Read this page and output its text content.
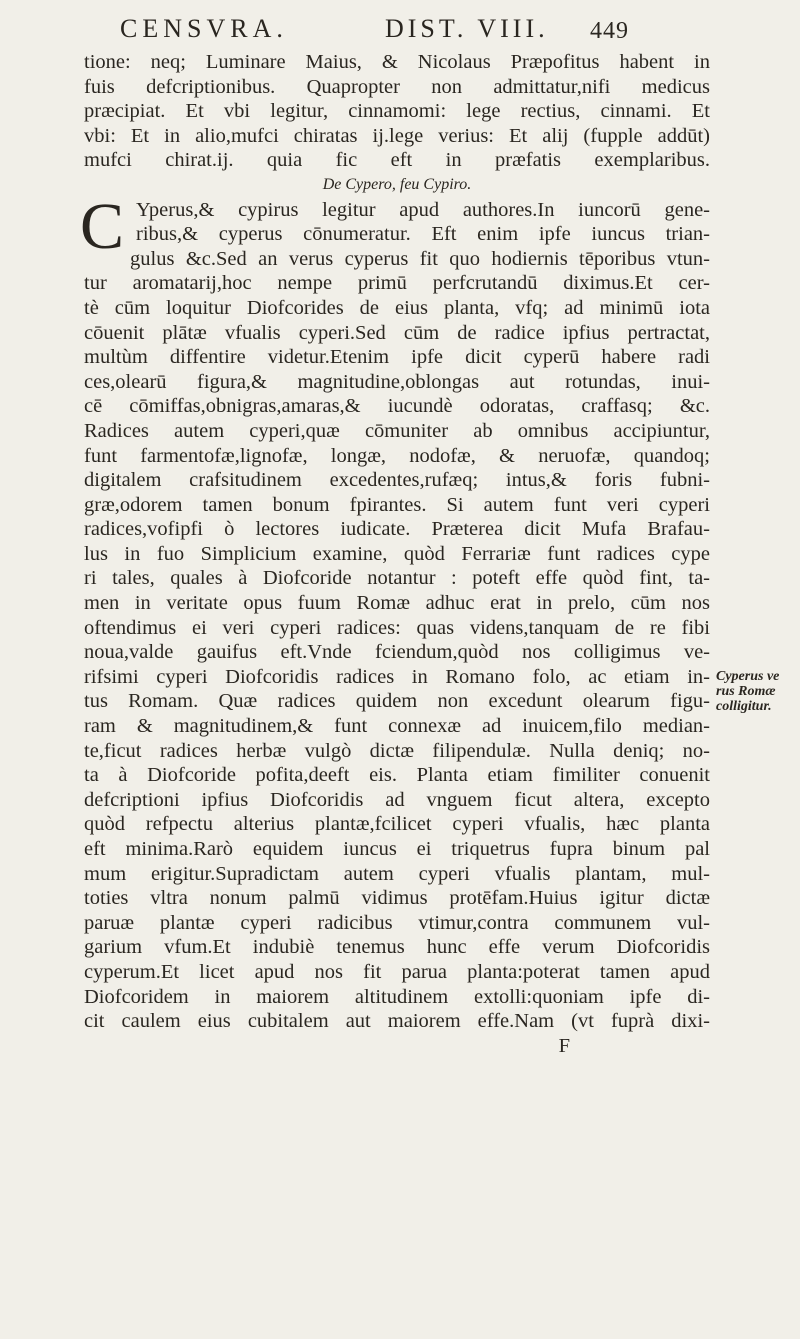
CENSVRA.	DIST. VIII. 449
tione: neq; Luminare Maius, & Nicolaus Præpofitus habent in
fuis defcriptionibus. Quapropter non admittatur,nifi medicus
præcipiat. Et vbi legitur, cinnamomi: lege rectius, cinnami. Et
vbi: Et in alio,mufci chiratas ij.lege verius: Et alij (fupple addūt)
mufci chirat.ij. quia fic eft in præfatis exemplaribus.
De Cypero, feu Cypiro.
C Yperus,& cypirus legitur apud authores.In iuncorū gene-
ribus,& cyperus cōnumeratur. Eft enim ipfe iuncus trian-
gulus &c.Sed an verus cyperus fit quo hodiernis tēporibus vtun-
tur aromatarij,hoc nempe primū perfcrutandū diximus.Et cer-
tè cūm loquitur Diofcorides de eius planta, vfq; ad minimū iota
cōuenit plātæ vfualis cyperi.Sed cūm de radice ipfius pertractat,
multùm diffentire videtur.Etenim ipfe dicit cyperū habere radi
ces,olearū figura,& magnitudine,oblongas aut rotundas, inui-
cē cōmiffas,obnigras,amaras,& iucundè odoratas, craffasq; &c.
Radices autem cyperi,quæ cōmuniter ab omnibus accipiuntur,
funt farmentofæ,lignofæ, longæ, nodofæ, & neruofæ, quandoq;
digitalem crafsitudinem excedentes,rufæq; intus,& foris fubni-
græ,odorem tamen bonum fpirantes. Si autem funt veri cyperi
radices,vofipfi ò lectores iudicate. Præterea dicit Mufa Brafau-
lus in fuo Simplicium examine, quòd Ferrariæ funt radices cype
ri tales, quales à Diofcoride notantur : poteft effe quòd fint, ta-
men in veritate opus fuum Romæ adhuc erat in prelo, cūm nos
oftendimus ei veri cyperi radices: quas videns,tanquam de re fibi
noua,valde gauifus eft.Vnde fciendum,quòd nos colligimus ve-
rifsimi cyperi Diofcoridis radices in Romano folo, ac etiam in-
tus Romam. Quæ radices quidem non excedunt olearum figu-
ram & magnitudinem,& funt connexæ ad inuicem,filo median-
te,ficut radices herbæ vulgò dictæ filipendulæ. Nulla deniq; no-
ta à Diofcoride pofita,deeft eis. Planta etiam fimiliter conuenit
defcriptioni ipfius Diofcoridis ad vnguem ficut altera, excepto
quòd refpectu alterius plantæ,fcilicet cyperi vfualis, hæc planta
eft minima.Rarò equidem iuncus ei triquetrus fupra binum pal
mum erigitur.Supradictam autem cyperi vfualis plantam, mul-
toties vltra nonum palmū vidimus protēfam.Huius igitur dictæ
paruæ plantæ cyperi radicibus vtimur,contra communem vul-
garium vfum.Et indubiè tenemus hunc effe verum Diofcoridis
cyperum.Et licet apud nos fit parua planta:poterat tamen apud
Diofcoridem in maiorem altitudinem extolli:quoniam ipfe di-
cit caulem eius cubitalem aut maiorem effe.Nam (vt fuprà dixi-
F
Cyperus ve
rus Romæ
colligitur.
